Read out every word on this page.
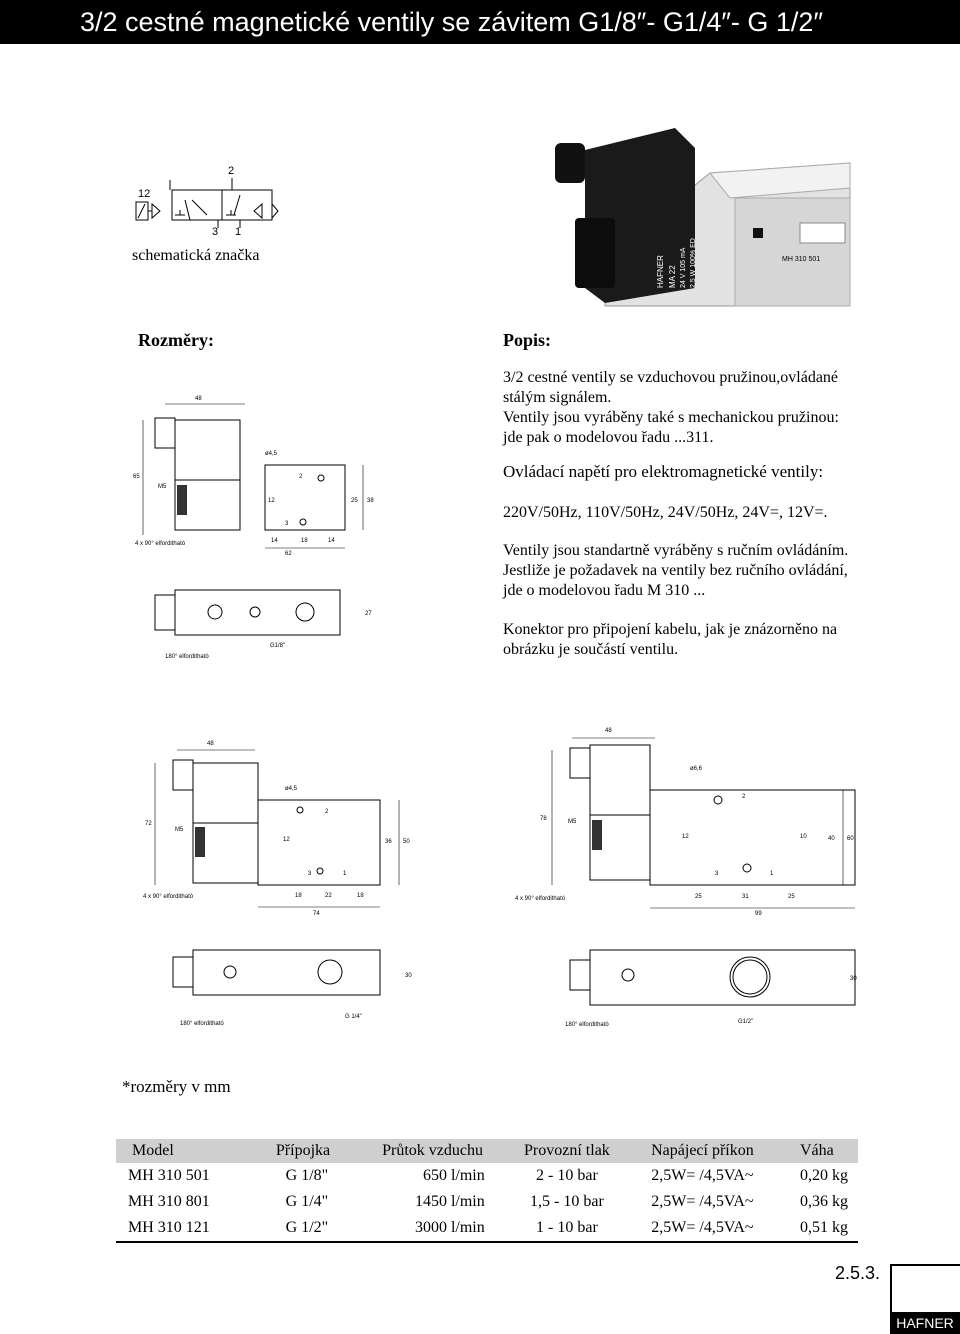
3/2 cestné magnetické ventily se závitem G1/8″- G1/4″- G 1/2″
12
2
3 1
schematická značka	MH 310 501
HAFNER MA 22 24 V 105 mA 2,5 W 100% ED
Rozměry:	Popis:

3/2 cestné ventily se vzduchovou pružinou,ovládané

stálým signálem.

Ventily jsou vyráběny také s mechanickou pružinou:

jde pak o modelovou řadu ...311.

Ovládací napětí pro elektromagnetické ventily:
220V/50Hz, 110V/50Hz, 24V/50Hz, 24V=, 12V=.

Ventily jsou standartně vyráběny s ručním ovládáním.

Jestliže je požadavek na ventily bez ručního ovládání,

jde o modelovou řadu M 310 ...

Konektor pro připojení kabelu, jak je znázorněno na

obrázku je součástí ventilu.

48
65
M5
ø4,5
2
12
3
25 38
14	18	14
62
4 x 90° elforditható
27
180° elforditható
G1/8"
48
72
M5
ø4,5
2
12
3	1
36 50
18	22	18
74
4 x 90° elforditható
30
180° elforditható
G 1/4"
48
78	M5
ø6,6
2
12	10
3	1
40 60
25	31	25
99
4 x 90° elforditható
30
180° elforditható	G1/2"
*rozměry v mm
Model	Přípojka	Průtok vzduchu	Provozní tlak	Napájecí příkon	Váha
MH 310 501	G 1/8"	650 l/min	2 - 10 bar	2,5W= /4,5VA~	0,20 kg
MH 310 801	G 1/4"	1450 l/min	1,5 - 10 bar	2,5W= /4,5VA~	0,36 kg
MH 310 121	G 1/2"	3000 l/min	1 - 10 bar	2,5W= /4,5VA~	0,51 kg
2.5.3.
HAFNER
